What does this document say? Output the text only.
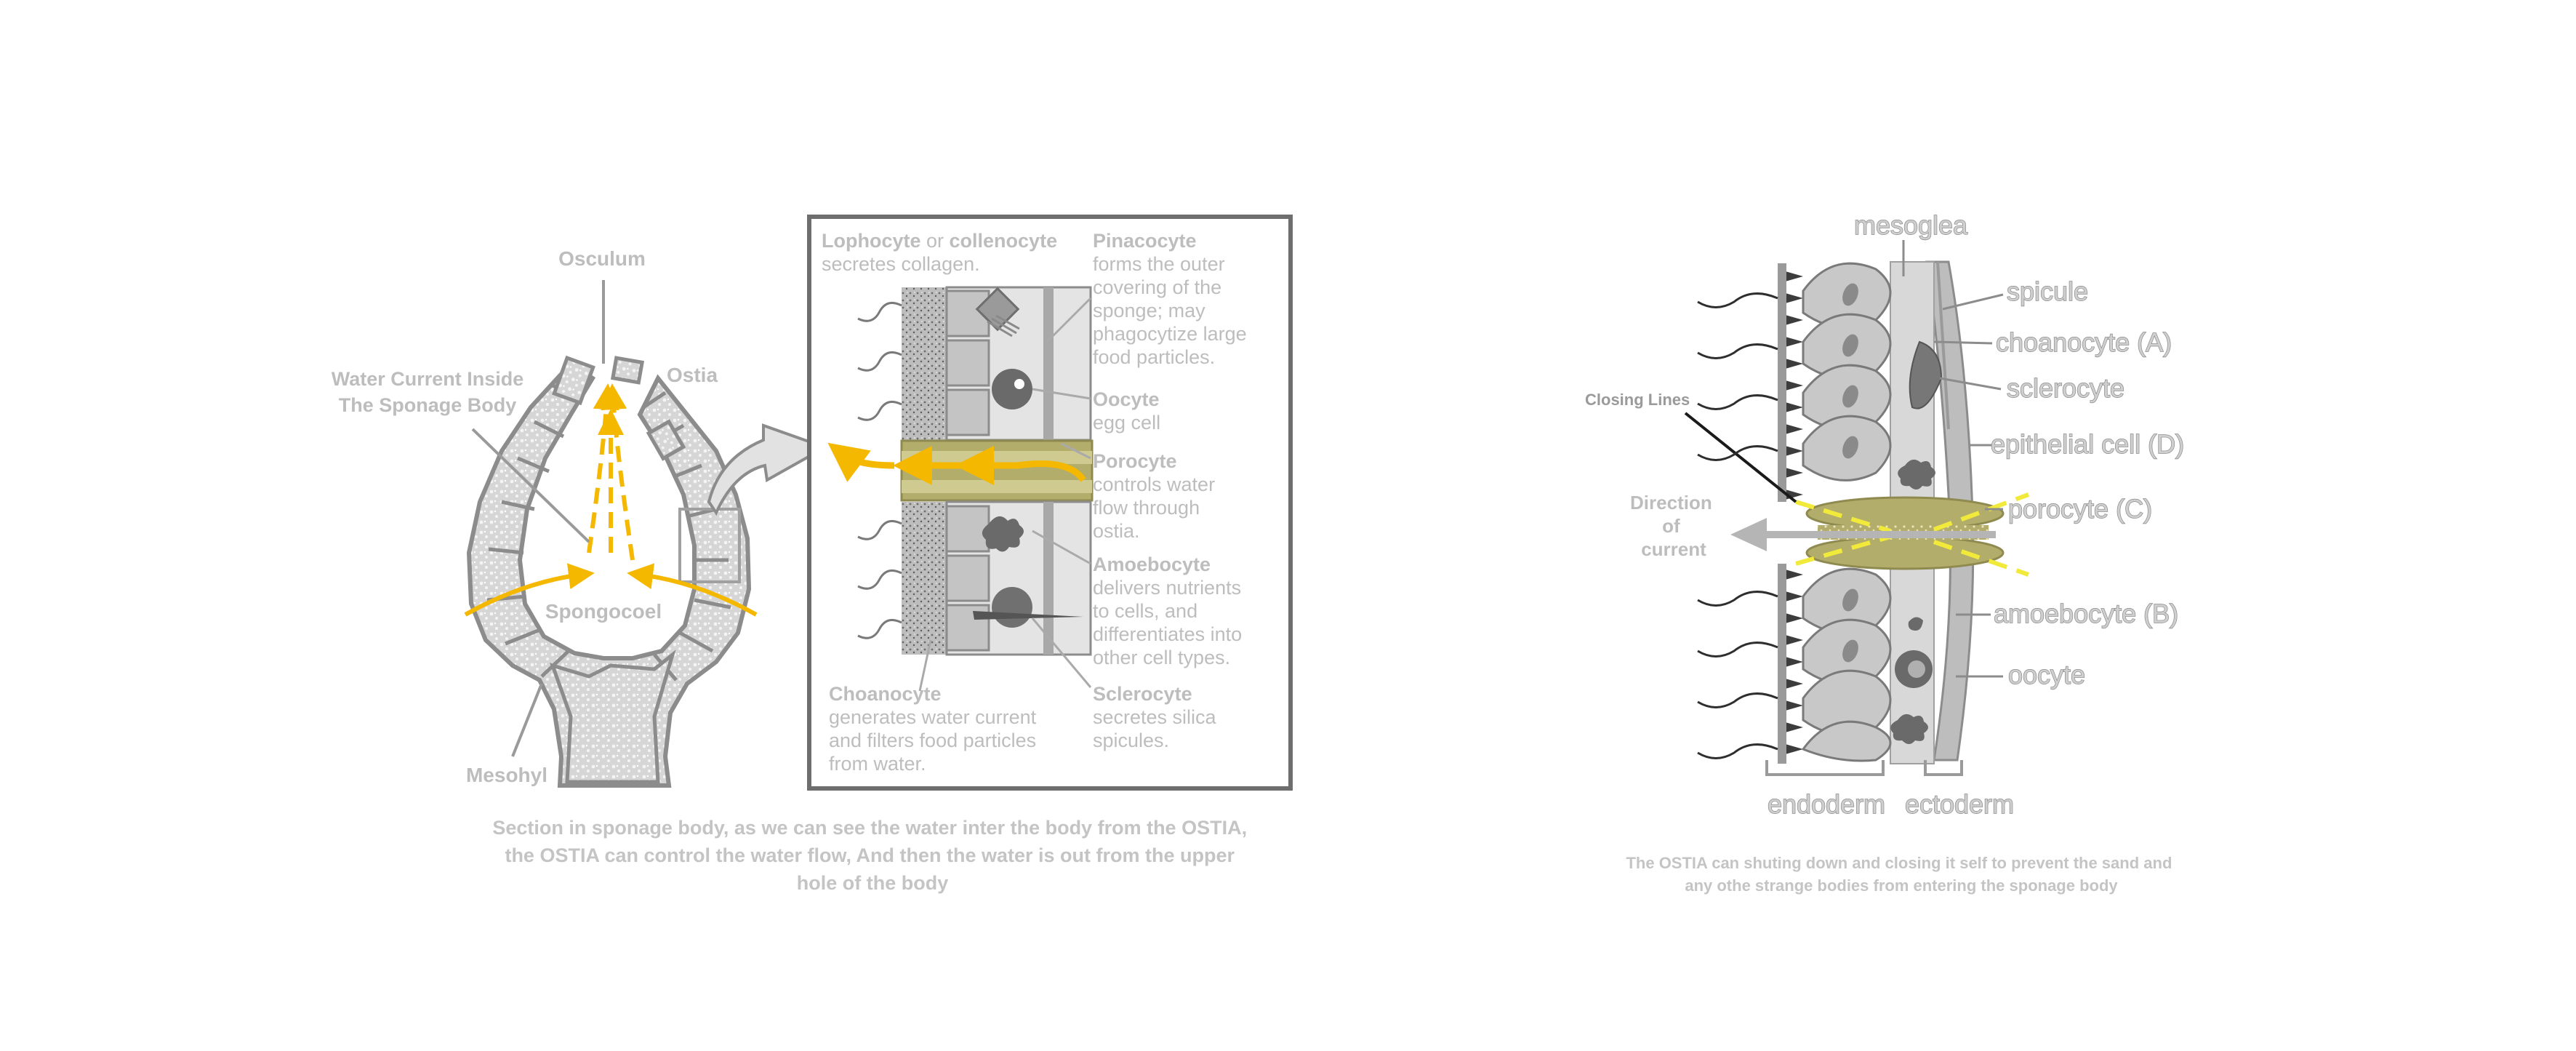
Osculum
Ostia
Water Current Inside
The Sponage Body
Spongocoel
Mesohyl
Lophocyte or collenocyte
secretes collagen.
Pinacocyte
forms the outer covering of the sponge; may phagocytize large food particles.
Oocyte
egg cell
Porocyte
controls water flow through ostia.
Amoebocyte
delivers nutrients to cells, and differentiates into other cell types.
Sclerocyte
secretes silica spicules.
Choanocyte
generates water current and filters food particles from water.
Section in sponage body, as we can see the water inter the body from the OSTIA, the OSTIA can control the water flow, And then the water is out from the upper hole of the body
mesoglea
spicule
choanocyte (A)
sclerocyte
epithelial cell (D)
porocyte (C)
amoebocyte (B)
oocyte
endoderm ectoderm
Closing Lines
Direction of current
The OSTIA can shuting down and closing it self to prevent the sand and any othe strange bodies from entering the sponage body
